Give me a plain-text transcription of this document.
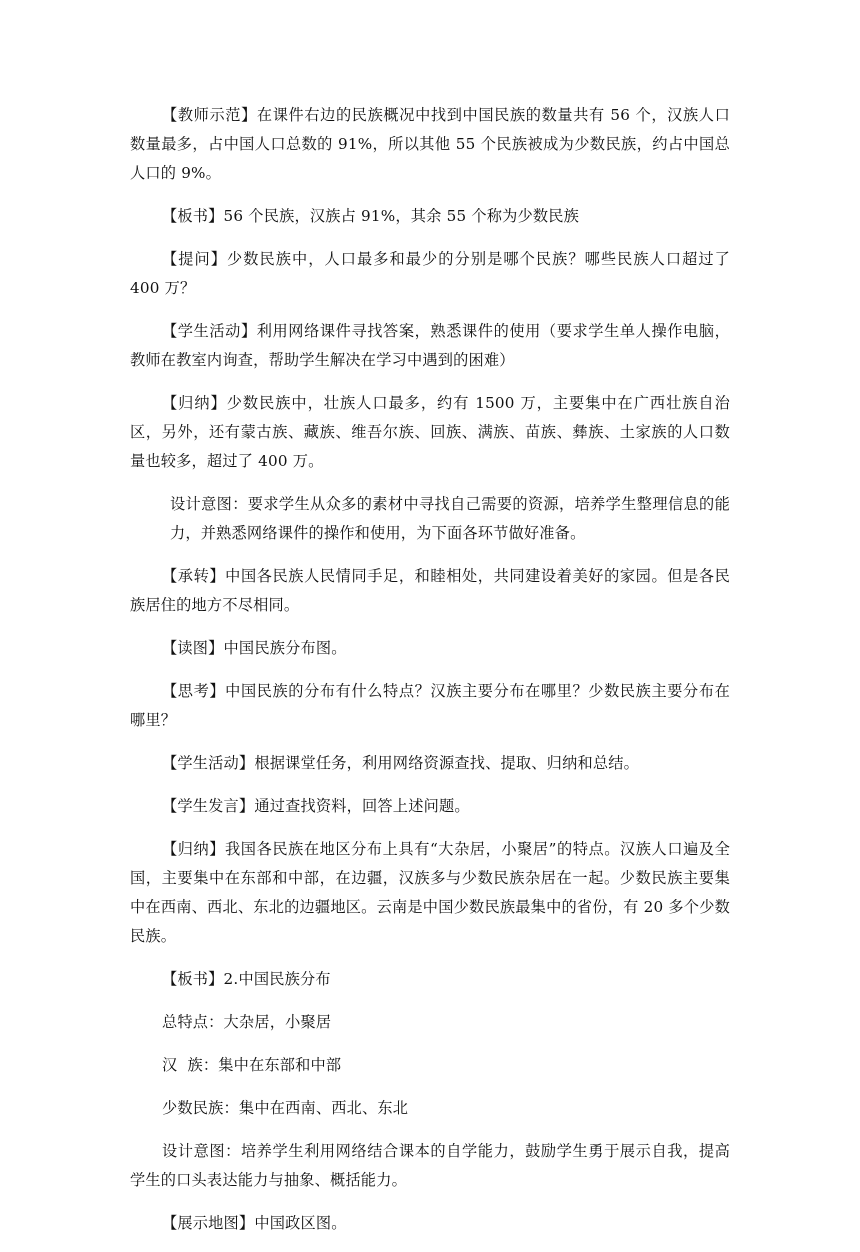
【教师示范】在课件右边的民族概况中找到中国民族的数量共有 56 个，汉族人口数量最多，占中国人口总数的 91%，所以其他 55 个民族被成为少数民族，约占中国总人口的 9%。

【板书】56 个民族，汉族占 91%，其余 55 个称为少数民族

【提问】少数民族中，人口最多和最少的分别是哪个民族？哪些民族人口超过了 400 万？

【学生活动】利用网络课件寻找答案，熟悉课件的使用（要求学生单人操作电脑，教师在教室内询查，帮助学生解决在学习中遇到的困难）

【归纳】少数民族中，壮族人口最多，约有 1500 万，主要集中在广西壮族自治区，另外，还有蒙古族、藏族、维吾尔族、回族、满族、苗族、彝族、土家族的人口数量也较多，超过了 400 万。

设计意图：要求学生从众多的素材中寻找自己需要的资源，培养学生整理信息的能力，并熟悉网络课件的操作和使用，为下面各环节做好准备。

【承转】中国各民族人民情同手足，和睦相处，共同建设着美好的家园。但是各民族居住的地方不尽相同。

【读图】中国民族分布图。

【思考】中国民族的分布有什么特点？汉族主要分布在哪里？少数民族主要分布在哪里？

【学生活动】根据课堂任务，利用网络资源查找、提取、归纳和总结。

【学生发言】通过查找资料，回答上述问题。

【归纳】我国各民族在地区分布上具有“大杂居，小聚居”的特点。汉族人口遍及全国，主要集中在东部和中部，在边疆，汉族多与少数民族杂居在一起。少数民族主要集中在西南、西北、东北的边疆地区。云南是中国少数民族最集中的省份，有 20 多个少数民族。

【板书】2.中国民族分布

总特点：大杂居，小聚居

汉  族：集中在东部和中部

少数民族：集中在西南、西北、东北

设计意图：培养学生利用网络结合课本的自学能力，鼓励学生勇于展示自我，提高学生的口头表达能力与抽象、概括能力。

【展示地图】中国政区图。
